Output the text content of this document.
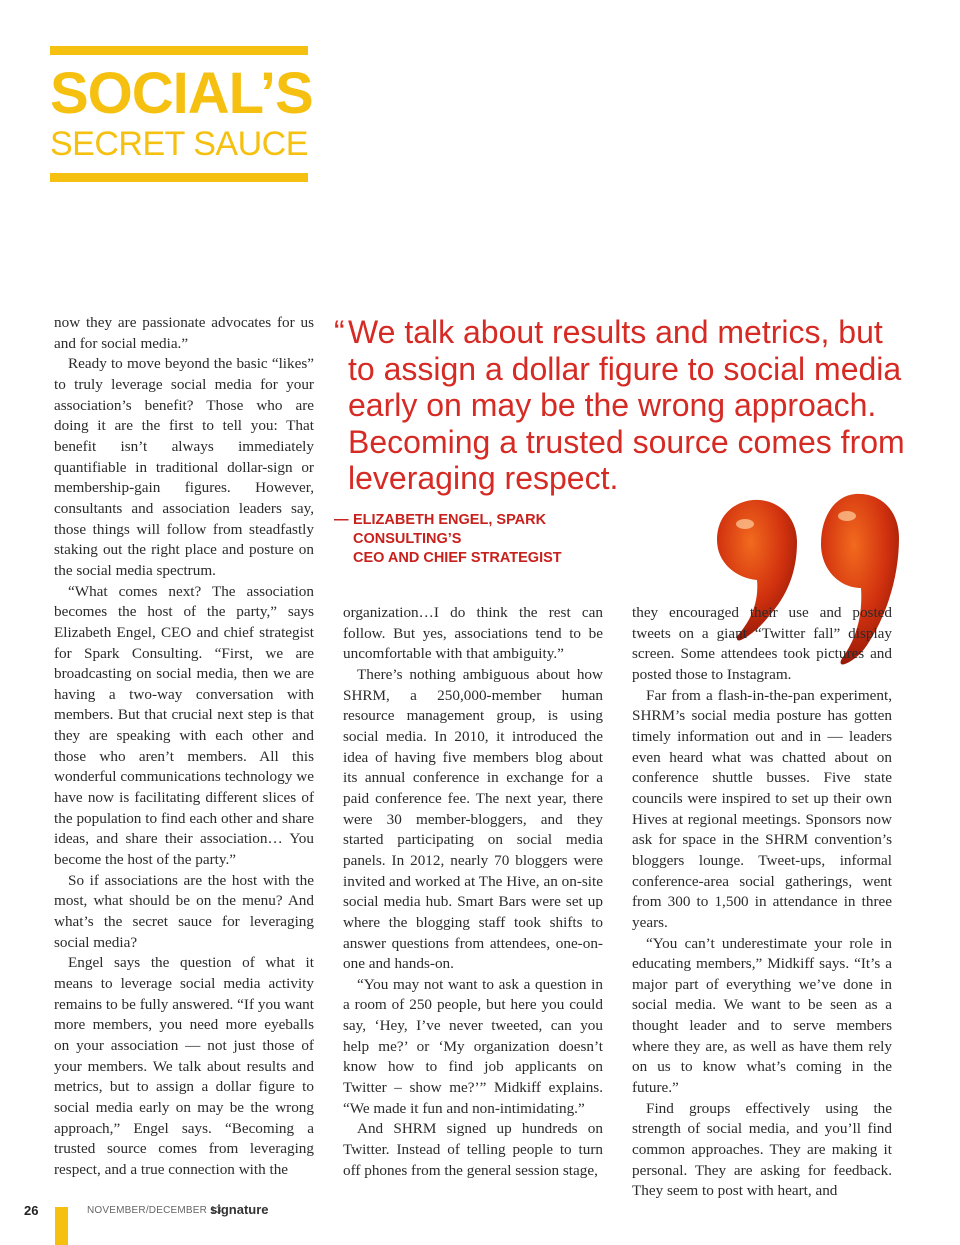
SOCIAL’S
SECRET SAUCE

now they are passionate advocates for us and for social media.”

Ready to move beyond the basic “likes” to truly leverage social media for your association’s benefit? Those who are doing it are the first to tell you: That benefit isn’t always immediately quantifiable in traditional dollar-sign or membership-gain figures. However, consultants and association leaders say, those things will follow from steadfastly staking out the right place and posture on the social media spectrum.

“What comes next? The association becomes the host of the party,” says Elizabeth Engel, CEO and chief strategist for Spark Consulting. “First, we are broadcasting on social media, then we are having a two-way conversation with members. But that crucial next step is that they are speaking with each other and those who aren’t members. All this wonderful communications technology we have now is facilitating different slices of the population to find each other and share ideas, and share their association… You become the host of the party.”

So if associations are the host with the most, what should be on the menu? And what’s the secret sauce for leveraging social media?

Engel says the question of what it means to leverage social media activity remains to be fully answered. “If you want more members, you need more eyeballs on your association — not just those of your members. We talk about results and metrics, but to assign a dollar figure to social media early on may be the wrong approach,” Engel says. “Becoming a trusted source comes from leveraging respect, and a true connection with the

“ We talk about results and metrics, but to assign a dollar figure to social media early on may be the wrong approach. Becoming a trusted source comes from leveraging respect.
— ELIZABETH ENGEL, SPARK CONSULTING’S
CEO AND CHIEF STRATEGIST

organization…I do think the rest can follow. But yes, associations tend to be uncomfortable with that ambiguity.”

There’s nothing ambiguous about how SHRM, a 250,000-member human resource management group, is using social media. In 2010, it introduced the idea of having five members blog about its annual conference in exchange for a paid conference fee. The next year, there were 30 member-bloggers, and they started participating on social media panels. In 2012, nearly 70 bloggers were invited and worked at The Hive, an on-site social media hub. Smart Bars were set up where the blogging staff took shifts to answer questions from attendees, one-on-one and hands-on.

“You may not want to ask a question in a room of 250 people, but here you could say, ‘Hey, I’ve never tweeted, can you help me?’ or ‘My organization doesn’t know how to find job applicants on Twitter – show me?’” Midkiff explains. “We made it fun and non-intimidating.”

And SHRM signed up hundreds on Twitter. Instead of telling people to turn off phones from the general session stage,

they encouraged their use and posted tweets on a giant “Twitter fall” display screen. Some attendees took pictures and posted those to Instagram.

Far from a flash-in-the-pan experiment, SHRM’s social media posture has gotten timely information out and in — leaders even heard what was chatted about on conference shuttle busses. Five state councils were inspired to set up their own Hives at regional meetings. Sponsors now ask for space in the SHRM convention’s bloggers lounge. Tweet-ups, informal conference-area social gatherings, went from 300 to 1,500 in attendance in three years.

“You can’t underestimate your role in educating members,” Midkiff says. “It’s a major part of everything we’ve done in social media. We want to be seen as a thought leader and to serve members where they are, as well as have them rely on us to know what’s coming in the future.”

Find groups effectively using the strength of social media, and you’ll find common approaches. They are making it personal. They are asking for feedback. They seem to post with heart, and

26	NOVEMBER/DECEMBER 13
signature
